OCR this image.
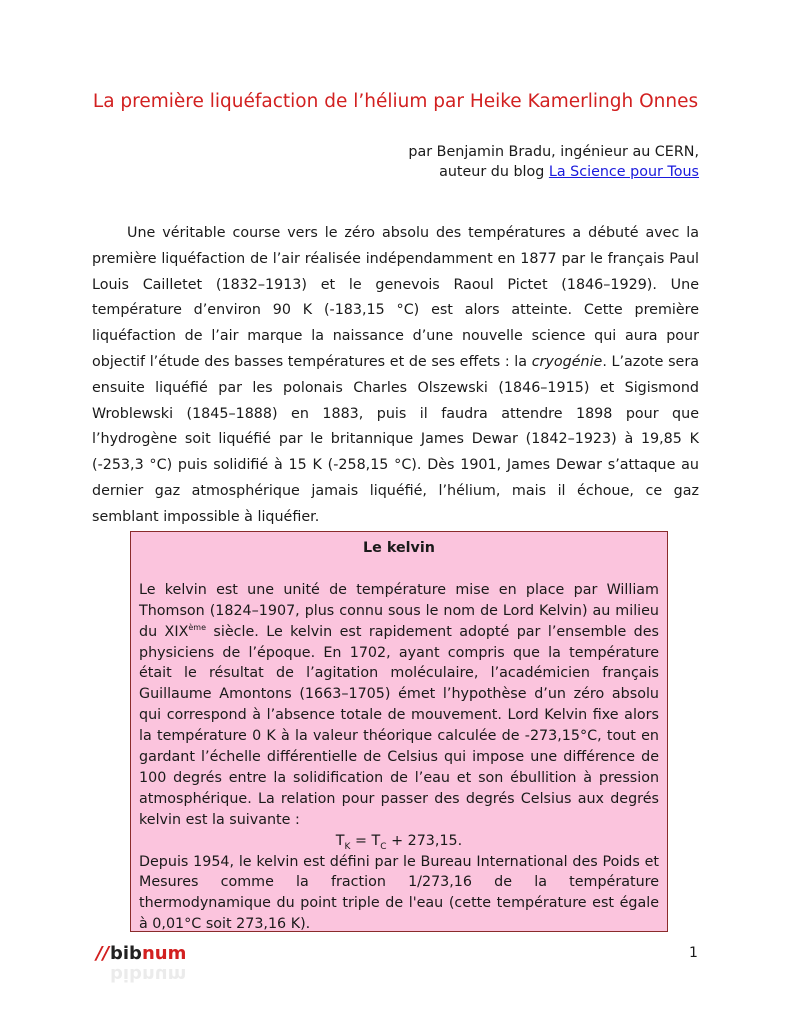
La première liquéfaction de l’hélium par Heike Kamerlingh Onnes
par Benjamin Bradu, ingénieur au CERN,
auteur du blog La Science pour Tous

Une véritable course vers le zéro absolu des températures a débuté avec la première liquéfaction de l’air réalisée indépendamment en 1877 par le français Paul Louis Cailletet (1832–1913) et le genevois Raoul Pictet (1846–1929). Une température d’environ 90 K (-183,15 °C) est alors atteinte. Cette première liquéfaction de l’air marque la naissance d’une nouvelle science qui aura pour objectif l’étude des basses températures et de ses effets : la cryogénie. L’azote sera ensuite liquéfié par les polonais Charles Olszewski (1846–1915) et Sigismond Wroblewski (1845–1888) en 1883, puis il faudra attendre 1898 pour que l’hydrogène soit liquéfié par le britannique James Dewar (1842–1923) à 19,85 K (-253,3 °C) puis solidifié à 15 K (-258,15 °C). Dès 1901, James Dewar s’attaque au dernier gaz atmosphérique jamais liquéfié, l’hélium, mais il échoue, ce gaz semblant impossible à liquéfier.

Le kelvin

Le kelvin est une unité de température mise en place par William Thomson (1824–1907, plus connu sous le nom de Lord Kelvin) au milieu du XIXème siècle. Le kelvin est rapidement adopté par l’ensemble des physiciens de l’époque. En 1702, ayant compris que la température était le résultat de l’agitation moléculaire, l’académicien français Guillaume Amontons (1663–1705) émet l’hypothèse d’un zéro absolu qui correspond à l’absence totale de mouvement. Lord Kelvin fixe alors la température 0 K à la valeur théorique calculée de -273,15°C, tout en gardant l’échelle différentielle de Celsius qui impose une différence de 100 degrés entre la solidification de l’eau et son ébullition à pression atmosphérique. La relation pour passer des degrés Celsius aux degrés kelvin est la suivante :

$T_K = T_C + 273,15$.

Depuis 1954, le kelvin est défini par le Bureau International des Poids et Mesures comme la fraction 1/273,16 de la température thermodynamique du point triple de l'eau (cette température est égale à 0,01°C soit 273,16 K).

// bibnum
bibnum
1
